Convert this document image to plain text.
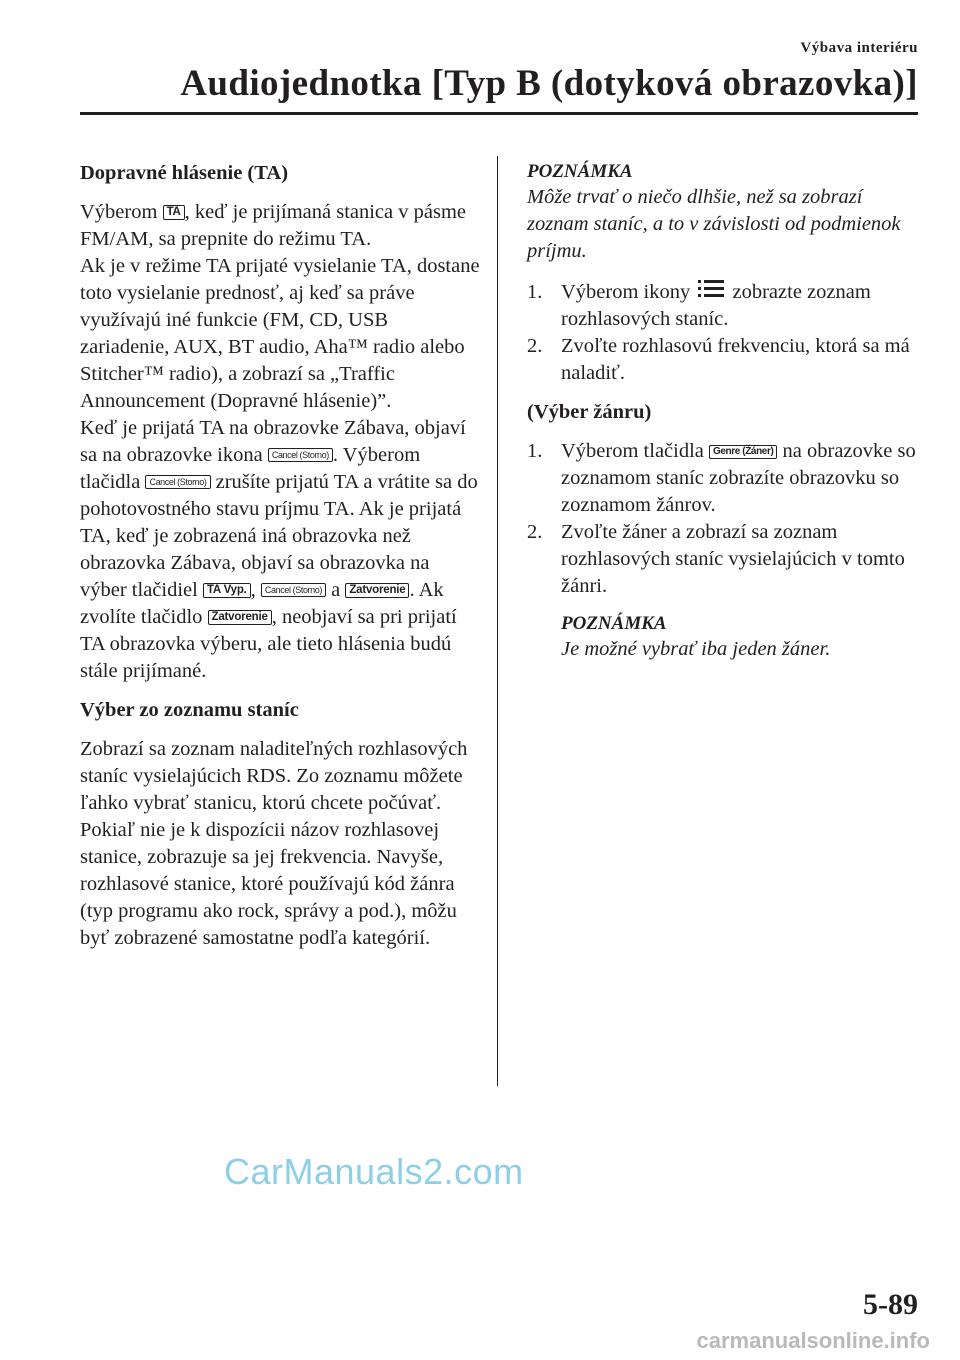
Výbava interiéru
Audiojednotka [Typ B (dotyková obrazovka)]
Dopravné hlásenie (TA)

Výberom TA , keď je prijímaná stanica v pásme FM/AM, sa prepnite do režimu TA.

Ak je v režime TA prijaté vysielanie TA, dostane toto vysielanie prednosť, aj keď sa práve využívajú iné funkcie (FM, CD, USB zariadenie, AUX, BT audio, Aha™ radio alebo Stitcher™ radio), a zobrazí sa „Traffic Announcement (Dopravné hlásenie)”.

Keď je prijatá TA na obrazovke Zábava, objaví sa na obrazovke ikona Cancel (Storno) . Výberom tlačidla Cancel (Storno) zrušíte prijatú TA a vrátite sa do pohotovostného stavu príjmu TA. Ak je prijatá TA, keď je zobrazená iná obrazovka než obrazovka Zábava, objaví sa obrazovka na výber tlačidiel TA Vyp. , Cancel (Storno) a Zatvorenie . Ak zvolíte tlačidlo Zatvorenie , neobjaví sa pri prijatí TA obrazovka výberu, ale tieto hlásenia budú stále prijímané.

Výber zo zoznamu staníc

Zobrazí sa zoznam naladiteľných rozhlasových staníc vysielajúcich RDS. Zo zoznamu môžete ľahko vybrať stanicu, ktorú chcete počúvať. Pokiaľ nie je k dispozícii názov rozhlasovej stanice, zobrazuje sa jej frekvencia. Navyše, rozhlasové stanice, ktoré používajú kód žánra (typ programu ako rock, správy a pod.), môžu byť zobrazené samostatne podľa kategórií.

POZNÁMKA

Môže trvať o niečo dlhšie, než sa zobrazí zoznam staníc, a to v závislosti od podmienok príjmu.

1. Výberom ikony
zobrazte zoznam rozhlasových staníc.
2. Zvoľte rozhlasovú frekvenciu, ktorá sa má naladiť.
(Výber žánru)
1. Výberom tlačidla Genre (Žáner) na obrazovke so zoznamom staníc zobrazíte obrazovku so zoznamom žánrov.
2. Zvoľte žáner a zobrazí sa zoznam rozhlasových staníc vysielajúcich v tomto žánri.
POZNÁMKA

Je možné vybrať iba jeden žáner.

CarManuals2.com
5-89
carmanualsonline.info
